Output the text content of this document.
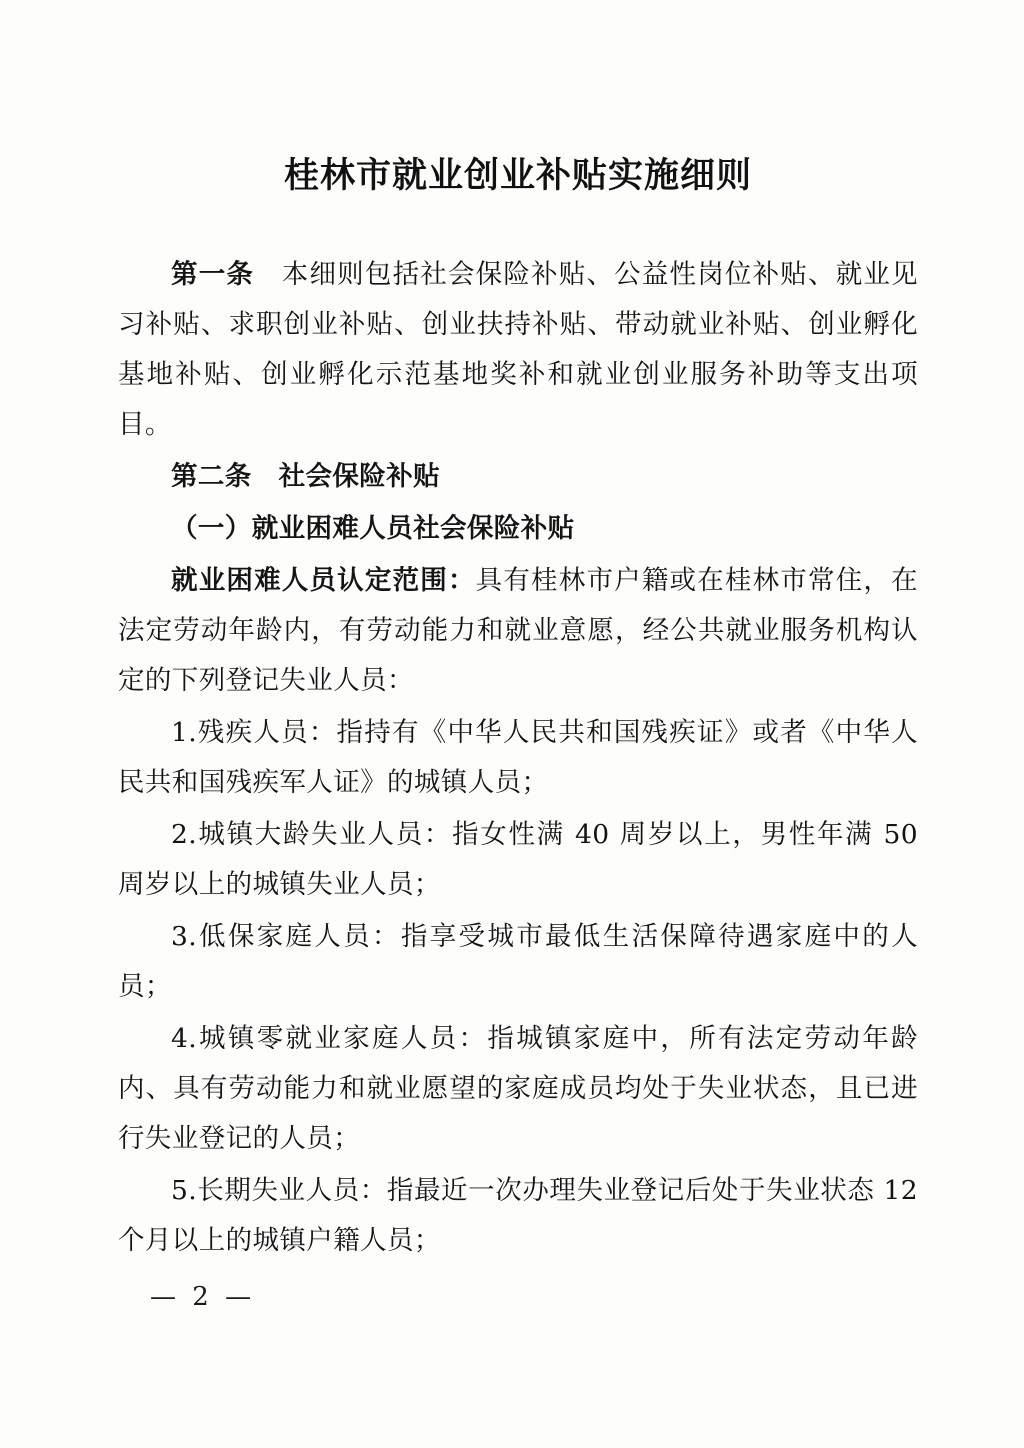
桂林市就业创业补贴实施细则

第一条　本细则包括社会保险补贴、公益性岗位补贴、就业见习补贴、求职创业补贴、创业扶持补贴、带动就业补贴、创业孵化基地补贴、创业孵化示范基地奖补和就业创业服务补助等支出项目。

第二条　社会保险补贴

（一）就业困难人员社会保险补贴

就业困难人员认定范围：具有桂林市户籍或在桂林市常住，在法定劳动年龄内，有劳动能力和就业意愿，经公共就业服务机构认定的下列登记失业人员：

1.残疾人员：指持有《中华人民共和国残疾证》或者《中华人民共和国残疾军人证》的城镇人员；

2.城镇大龄失业人员：指女性满 40 周岁以上，男性年满 50 周岁以上的城镇失业人员；

3.低保家庭人员：指享受城市最低生活保障待遇家庭中的人员；

4.城镇零就业家庭人员：指城镇家庭中，所有法定劳动年龄内、具有劳动能力和就业愿望的家庭成员均处于失业状态，且已进行失业登记的人员；

5.长期失业人员：指最近一次办理失业登记后处于失业状态 12 个月以上的城镇户籍人员；

— 2 —
